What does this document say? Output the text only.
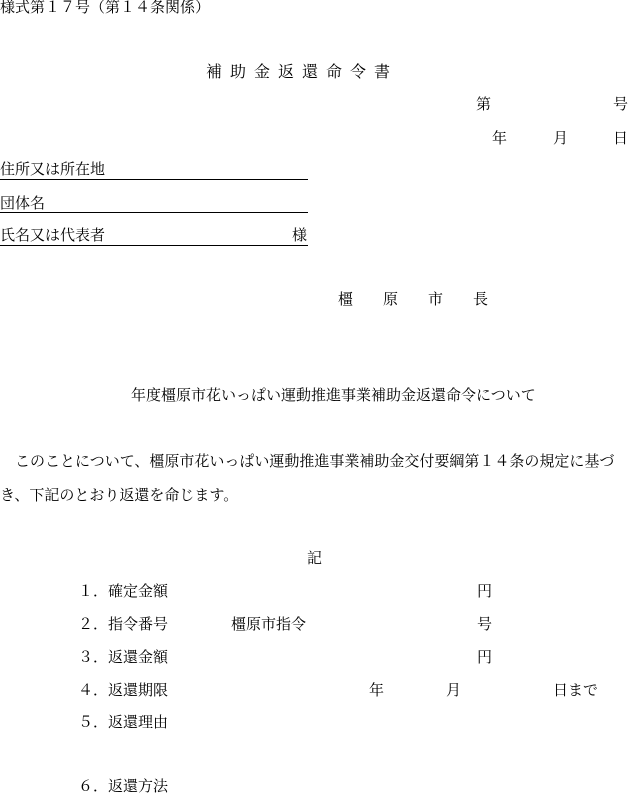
様式第１７号（第１４条関係）
補助金返還命令書
第	号
年	月	日
住所又は所在地
団体名
氏名又は代表者	様
橿原市長
年度橿原市花いっぱい運動推進事業補助金返還命令について
このことについて、橿原市花いっぱい運動推進事業補助金交付要綱第１４条の規定に基づ
き、下記のとおり返還を命じます。
記
１．確定金額	円
２．指令番号	橿原市指令	号
３．返還金額	円
４．返還期限	年	月	日まで
５．返還理由
６．返還方法
